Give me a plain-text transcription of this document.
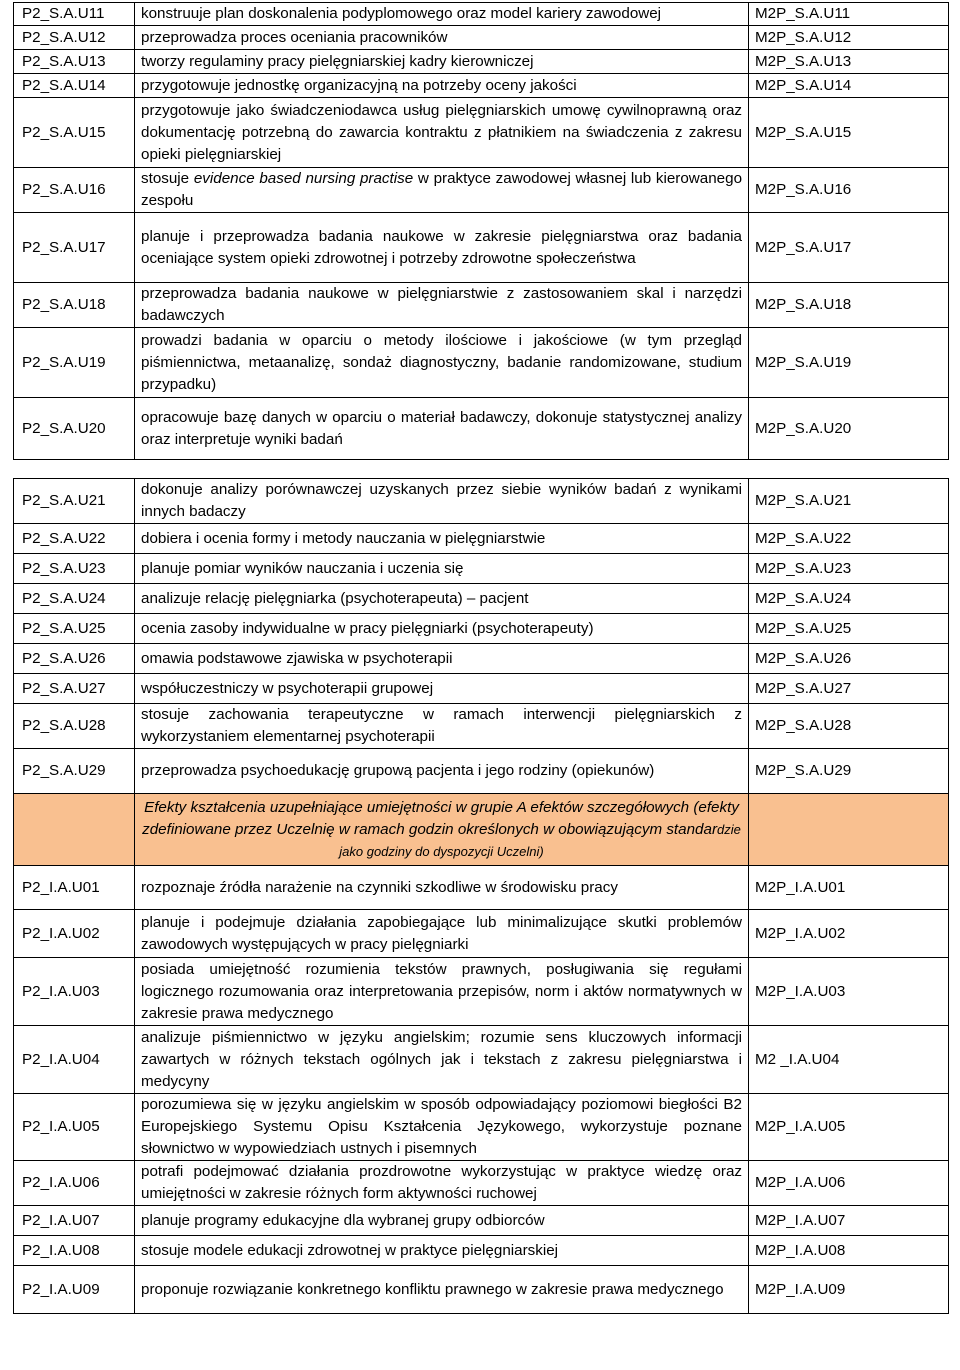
P2_S.A.U11	konstruuje plan doskonalenia podyplomowego oraz model kariery zawodowej	M2P_S.A.U11
P2_S.A.U12	przeprowadza proces oceniania pracowników	M2P_S.A.U12
P2_S.A.U13	tworzy regulaminy pracy pielęgniarskiej kadry kierowniczej	M2P_S.A.U13
P2_S.A.U14	przygotowuje jednostkę organizacyjną na potrzeby oceny jakości	M2P_S.A.U14
P2_S.A.U15	przygotowuje jako świadczeniodawca usług pielęgniarskich umowę cywilnoprawną oraz dokumentację potrzebną do zawarcia kontraktu z płatnikiem na świadczenia z zakresu opieki pielęgniarskiej	M2P_S.A.U15
P2_S.A.U16	stosuje evidence based nursing practise w praktyce zawodowej własnej lub kierowanego zespołu	M2P_S.A.U16
P2_S.A.U17	planuje i przeprowadza badania naukowe w zakresie pielęgniarstwa oraz badania oceniające system opieki zdrowotnej i potrzeby zdrowotne społeczeństwa	M2P_S.A.U17
P2_S.A.U18	przeprowadza badania naukowe w pielęgniarstwie z zastosowaniem skal i narzędzi badawczych	M2P_S.A.U18
P2_S.A.U19	prowadzi badania w oparciu o metody ilościowe i jakościowe (w tym przegląd piśmiennictwa, metaanalizę, sondaż diagnostyczny, badanie randomizowane, studium przypadku)	M2P_S.A.U19
P2_S.A.U20	opracowuje bazę danych w oparciu o materiał badawczy, dokonuje statystycznej analizy oraz interpretuje wyniki badań	M2P_S.A.U20

P2_S.A.U21	dokonuje analizy porównawczej uzyskanych przez siebie wyników badań z wynikami innych badaczy	M2P_S.A.U21
P2_S.A.U22	dobiera i ocenia formy i metody nauczania w pielęgniarstwie	M2P_S.A.U22
P2_S.A.U23	planuje pomiar wyników nauczania i uczenia się	M2P_S.A.U23
P2_S.A.U24	analizuje relację pielęgniarka (psychoterapeuta) – pacjent	M2P_S.A.U24
P2_S.A.U25	ocenia zasoby indywidualne w pracy pielęgniarki (psychoterapeuty)	M2P_S.A.U25
P2_S.A.U26	omawia podstawowe zjawiska w psychoterapii	M2P_S.A.U26
P2_S.A.U27	współuczestniczy w psychoterapii grupowej	M2P_S.A.U27
P2_S.A.U28	stosuje zachowania terapeutyczne w ramach interwencji pielęgniarskich z wykorzystaniem elementarnej psychoterapii	M2P_S.A.U28
P2_S.A.U29	przeprowadza psychoedukację grupową pacjenta i jego rodziny (opiekunów)	M2P_S.A.U29
	Efekty kształcenia uzupełniające umiejętności w grupie A efektów szczegółowych (efekty zdefiniowane przez Uczelnię w ramach godzin określonych w obowiązującym standardzie jako godziny do dyspozycji Uczelni)	
P2_I.A.U01	rozpoznaje źródła narażenie na czynniki szkodliwe w środowisku pracy	M2P_I.A.U01
P2_I.A.U02	planuje i podejmuje działania zapobiegające lub minimalizujące skutki problemów zawodowych występujących w pracy pielęgniarki	M2P_I.A.U02
P2_I.A.U03	posiada umiejętność rozumienia tekstów prawnych, posługiwania się regułami logicznego rozumowania oraz interpretowania przepisów, norm i aktów normatywnych w zakresie prawa medycznego	M2P_I.A.U03
P2_I.A.U04	analizuje piśmiennictwo w języku angielskim; rozumie sens kluczowych informacji zawartych w różnych tekstach ogólnych jak i tekstach z zakresu pielęgniarstwa i medycyny	M2 _I.A.U04
P2_I.A.U05	porozumiewa się w języku angielskim w sposób odpowiadający poziomowi biegłości B2 Europejskiego Systemu Opisu Kształcenia Językowego, wykorzystuje poznane słownictwo w wypowiedziach ustnych i pisemnych	M2P_I.A.U05
P2_I.A.U06	potrafi podejmować działania prozdrowotne wykorzystując w praktyce wiedzę oraz umiejętności w zakresie różnych form aktywności ruchowej	M2P_I.A.U06
P2_I.A.U07	planuje programy edukacyjne dla wybranej grupy odbiorców	M2P_I.A.U07
P2_I.A.U08	stosuje modele edukacji zdrowotnej w praktyce pielęgniarskiej	M2P_I.A.U08
P2_I.A.U09	proponuje rozwiązanie konkretnego konfliktu prawnego w zakresie prawa medycznego	M2P_I.A.U09
